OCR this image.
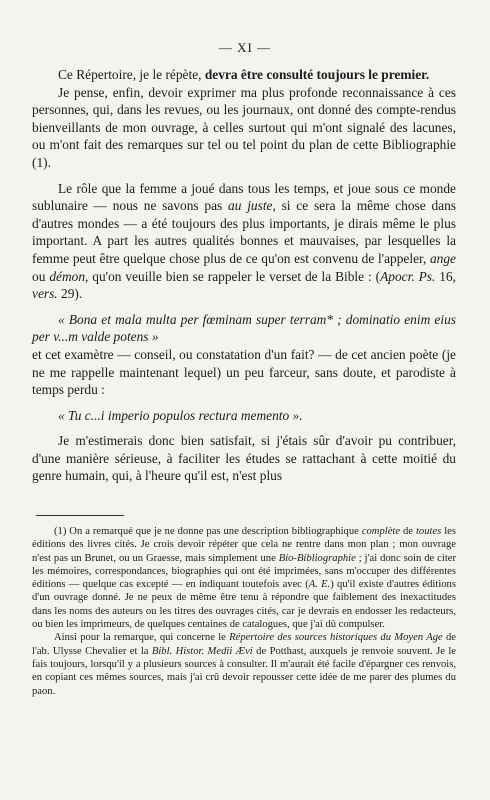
— XI —

Ce Répertoire, je le répète, devra être consulté toujours le premier.

Je pense, enfin, devoir exprimer ma plus profonde reconnaissance à ces personnes, qui, dans les revues, ou les journaux, ont donné des compte-rendus bienveillants de mon ouvrage, à celles surtout qui m'ont signalé des lacunes, ou m'ont fait des remarques sur tel ou tel point du plan de cette Bibliographie (1).

Le rôle que la femme a joué dans tous les temps, et joue sous ce monde sublunaire — nous ne savons pas au juste, si ce sera la même chose dans d'autres mondes — a été toujours des plus importants, je dirais même le plus important. A part les autres qualités bonnes et mauvaises, par lesquelles la femme peut être quelque chose plus de ce qu'on est convenu de l'appeler, ange ou démon, qu'on veuille bien se rappeler le verset de la Bible : (Apocr. Ps. 16, vers. 29).

« Bona et mala multa per fœminam super terram* ; dominatio enim eius per v...m valde potens »

et cet examètre — conseil, ou constatation d'un fait? — de cet ancien poète (je ne me rappelle maintenant lequel) un peu farceur, sans doute, et parodiste à temps perdu :

« Tu c...i imperio populos rectura memento ».

Je m'estimerais donc bien satisfait, si j'étais sûr d'avoir pu contribuer, d'une manière sérieuse, à faciliter les études se rattachant à cette moitié du genre humain, qui, à l'heure qu'il est, n'est plus

(1) On a remarqué que je ne donne pas une description bibliographique complète de toutes les éditions des livres cités. Je crois devoir répéter que cela ne rentre dans mon plan ; mon ouvrage n'est pas un Brunet, ou un Graesse, mais simplement une Bio-Bibliographie ; j'ai donc soin de citer les mémoires, correspondances, biographies qui ont été imprimées, sans m'occuper des différentes éditions — quelque cas excepté — en indiquant toutefois avec (A. E.) qu'il existe d'autres éditions d'un ouvrage donné. Je ne peux de même être tenu à répondre que faiblement des inexactitudes dans les noms des auteurs ou les titres des ouvrages cités, car je devrais en endosser les redacteurs, ou bien les imprimeurs, de quelques centaines de catalogues, que j'ai dû compulser.

Ainsi pour la remarque, qui concerne le Répertoire des sources historiques du Moyen Age de l'ab. Ulysse Chevalier et la Bibl. Histor. Medii Ævi de Potthast, auxquels je renvoie souvent. Je le fais toujours, lorsqu'il y a plusieurs sources à consulter. Il m'aurait été facile d'épargner ces renvois, en copiant ces mêmes sources, mais j'ai crû devoir repousser cette idée de me parer des plumes du paon.
